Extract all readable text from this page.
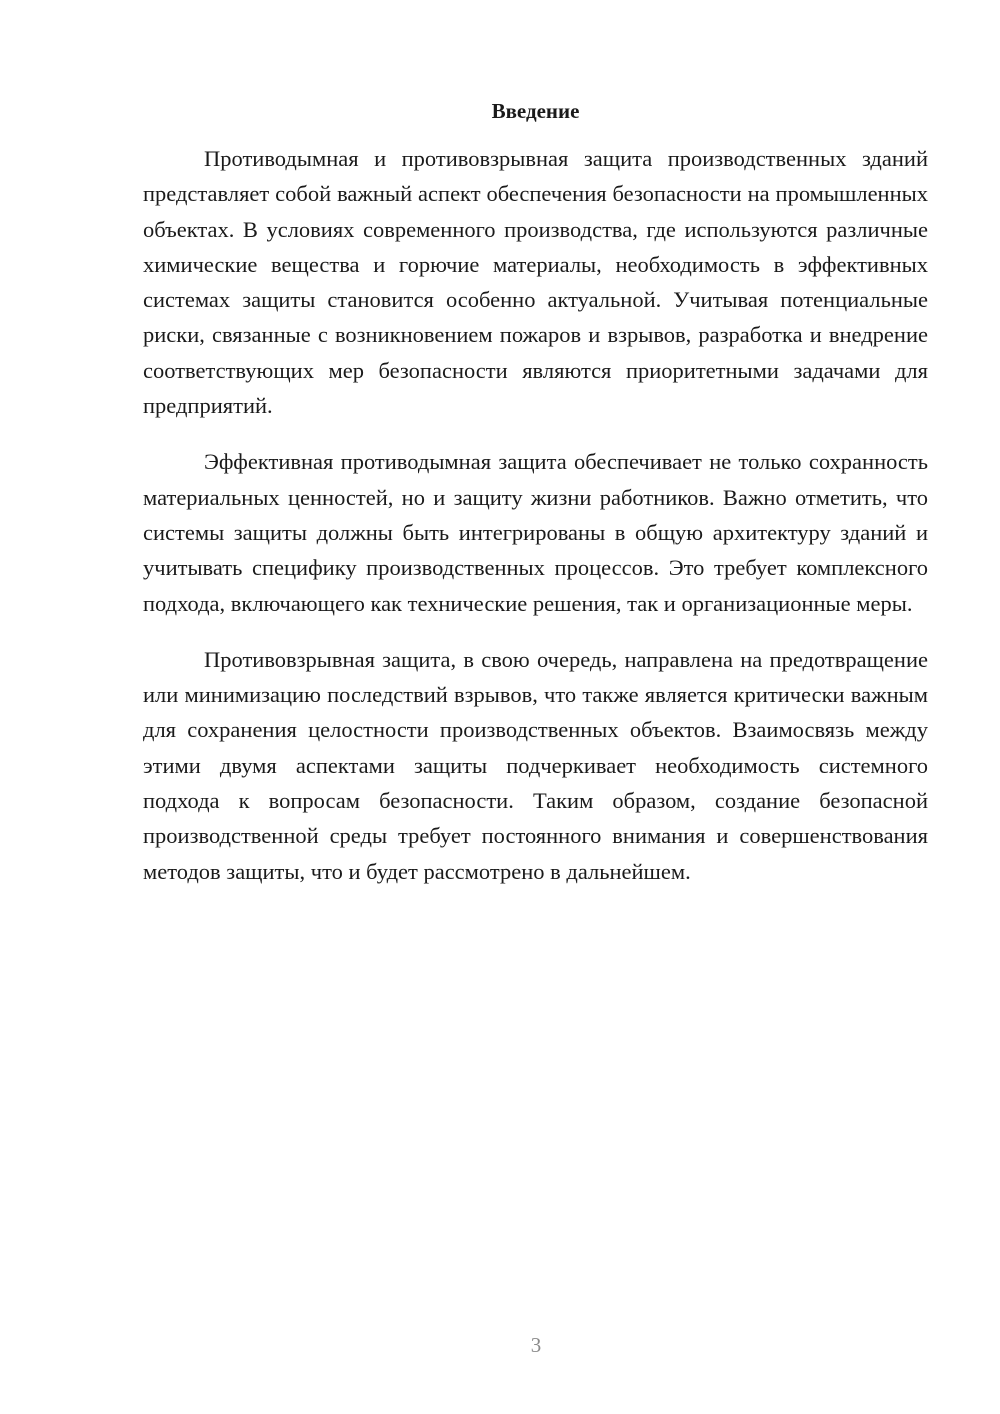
Введение

Противодымная и противовзрывная защита производственных зданий представляет собой важный аспект обеспечения безопасности на промышленных объектах. В условиях современного производства, где используются различные химические вещества и горючие материалы, необходимость в эффективных системах защиты становится особенно актуальной. Учитывая потенциальные риски, связанные с возникновением пожаров и взрывов, разработка и внедрение соответствующих мер безопасности являются приоритетными задачами для предприятий.

Эффективная противодымная защита обеспечивает не только сохранность материальных ценностей, но и защиту жизни работников. Важно отметить, что системы защиты должны быть интегрированы в общую архитектуру зданий и учитывать специфику производственных процессов. Это требует комплексного подхода, включающего как технические решения, так и организационные меры.

Противовзрывная защита, в свою очередь, направлена на предотвращение или минимизацию последствий взрывов, что также является критически важным для сохранения целостности производственных объектов. Взаимосвязь между этими двумя аспектами защиты подчеркивает необходимость системного подхода к вопросам безопасности. Таким образом, создание безопасной производственной среды требует постоянного внимания и совершенствования методов защиты, что и будет рассмотрено в дальнейшем.

3
